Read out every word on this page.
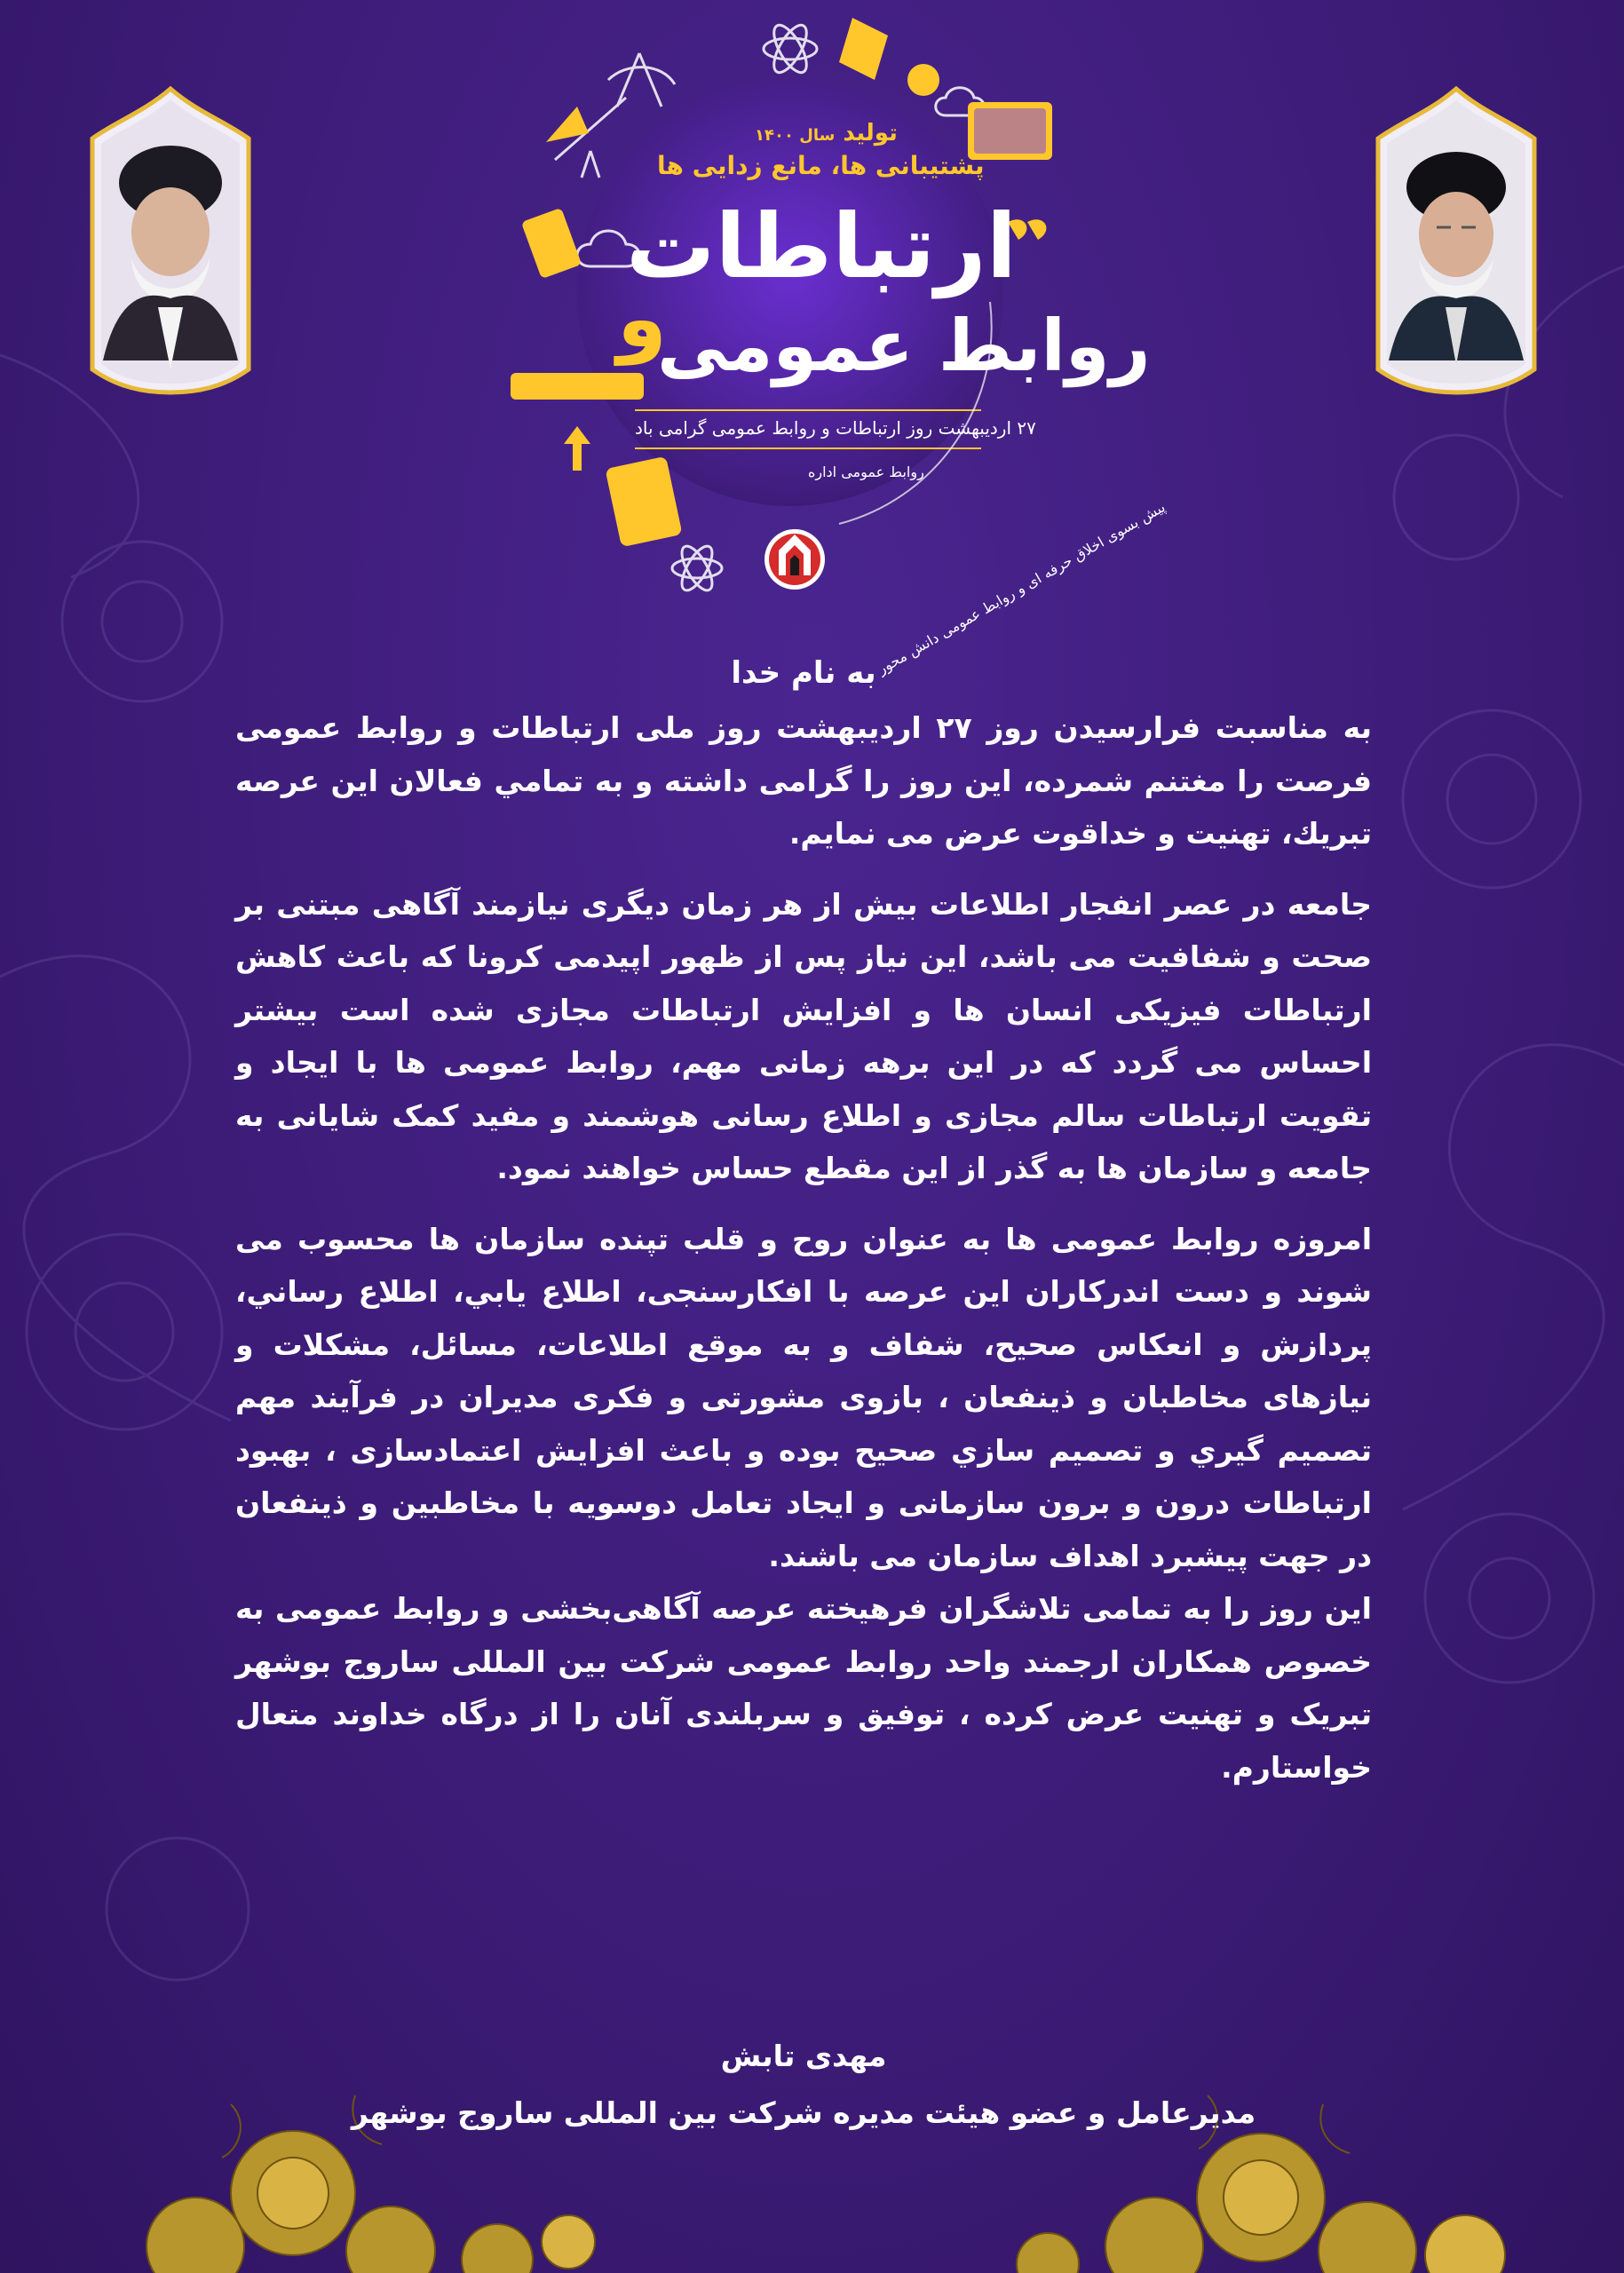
تولید سال ۱۴۰۰
پشتیبانی ها، مانع زدایی ها
ارتباطات
و
روابط عمومی
۲۷ اردیبهشت روز ارتباطات و روابط عمومی گرامی باد
روابط عمومی اداره
پیش بسوی اخلاق حرفه ای و روابط عمومی دانش محور
به نام خدا

به مناسبت فرارسیدن روز ۲۷ اردیبهشت روز ملی ارتباطات و روابط عمومی فرصت را مغتنم شمرده، این روز را گرامی داشته و به تمامي فعالان این عرصه تبریك، تهنیت و خداقوت عرض می نمایم.

جامعه در عصر انفجار اطلاعات بیش از هر زمان دیگری نیازمند آگاهی مبتنی بر صحت و شفافیت می باشد، این نیاز پس از ظهور اپیدمی کرونا که باعث کاهش ارتباطات فیزیکی انسان ها و افزایش ارتباطات مجازی شده است بیشتر احساس می گردد که در این برهه زمانی مهم، روابط عمومی ها با ایجاد و تقویت ارتباطات سالم مجازی و اطلاع رسانی هوشمند و مفید کمک شایانی به جامعه و سازمان ها به گذر از این مقطع حساس خواهند نمود.

امروزه روابط عمومی ها به عنوان روح و قلب تپنده سازمان ها محسوب می شوند و دست اندرکاران این عرصه با افکارسنجی، اطلاع يابي، اطلاع رساني، پردازش و انعکاس صحیح، شفاف و به موقع اطلاعات، مسائل، مشکلات و نیازهای مخاطبان و ذینفعان ، بازوی مشورتی و فکری مدیران در فرآیند مهم تصمیم گيري و تصميم سازي صحیح بوده و باعث افزایش اعتمادسازی ، بهبود ارتباطات درون و برون سازمانی و ایجاد تعامل دوسویه با مخاطبین و ذینفعان در جهت پیشبرد اهداف سازمان می باشند.

این روز را به تمامی تلاشگران فرهیخته عرصه آگاهی‌بخشی و روابط عمومی به خصوص همکاران ارجمند واحد روابط عمومی شرکت بین المللی ساروج بوشهر تبریک و تهنیت عرض کرده ، توفیق و سربلندی آنان را از درگاه خداوند متعال خواستارم.

مهدی تابش
مدیرعامل و عضو هیئت مدیره شرکت بین المللی ساروج بوشهر
